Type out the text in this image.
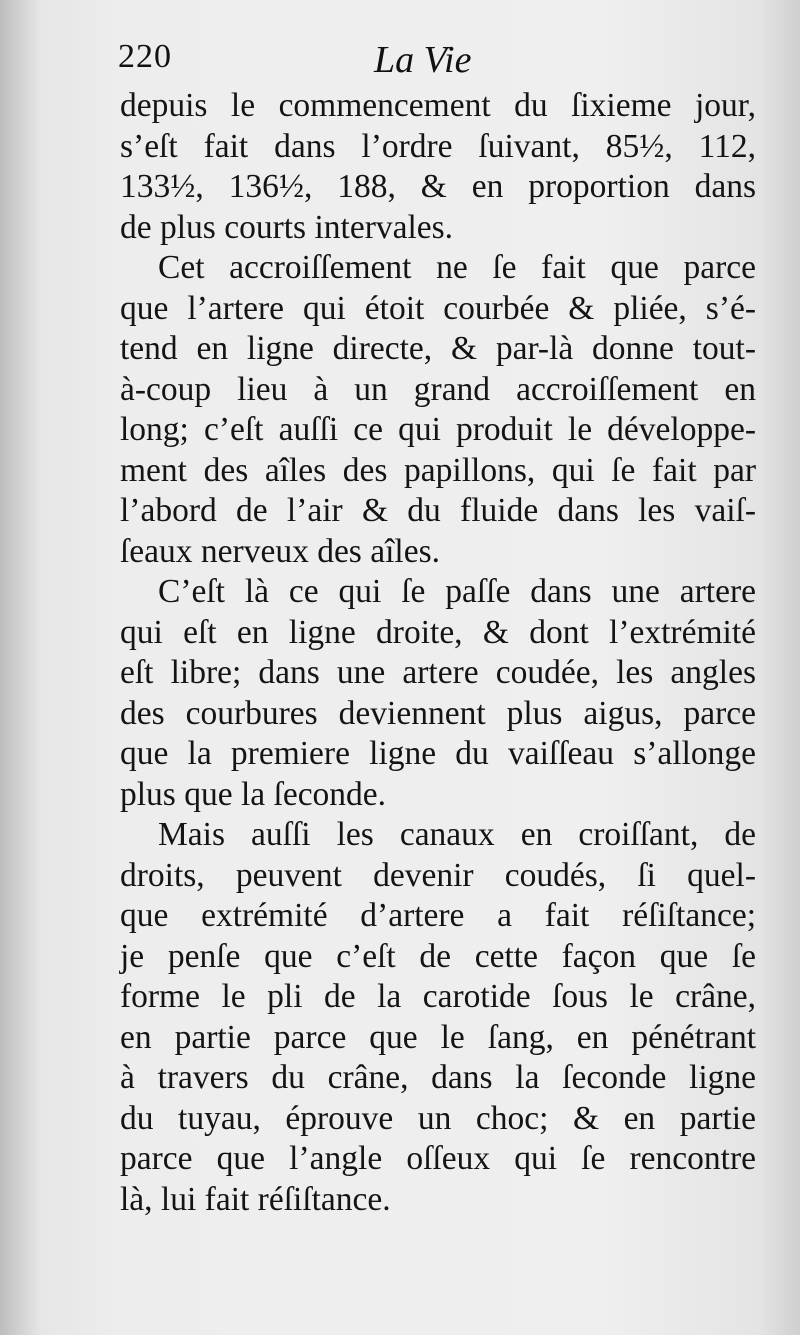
220	La Vie

depuis le commencement du ſixieme jour,
s’eſt fait dans l’ordre ſuivant, 85½, 112,
133½, 136½, 188, & en proportion dans
de plus courts intervales.

Cet accroiſſement ne ſe fait que parce
que l’artere qui étoit courbée & pliée, s’é-
tend en ligne directe, & par-là donne tout-
à-coup lieu à un grand accroiſſement en
long; c’eſt auſſi ce qui produit le développe-
ment des aîles des papillons, qui ſe fait par
l’abord de l’air & du fluide dans les vaiſ-
ſeaux nerveux des aîles.

C’eſt là ce qui ſe paſſe dans une artere
qui eſt en ligne droite, & dont l’extrémité
eſt libre; dans une artere coudée, les angles
des courbures deviennent plus aigus, parce
que la premiere ligne du vaiſſeau s’allonge
plus que la ſeconde.

Mais auſſi les canaux en croiſſant, de
droits, peuvent devenir coudés, ſi quel-
que extrémité d’artere a fait réſiſtance;
je penſe que c’eſt de cette façon que ſe
forme le pli de la carotide ſous le crâne,
en partie parce que le ſang, en pénétrant
à travers du crâne, dans la ſeconde ligne
du tuyau, éprouve un choc; & en partie
parce que l’angle oſſeux qui ſe rencontre
là, lui fait réſiſtance.
